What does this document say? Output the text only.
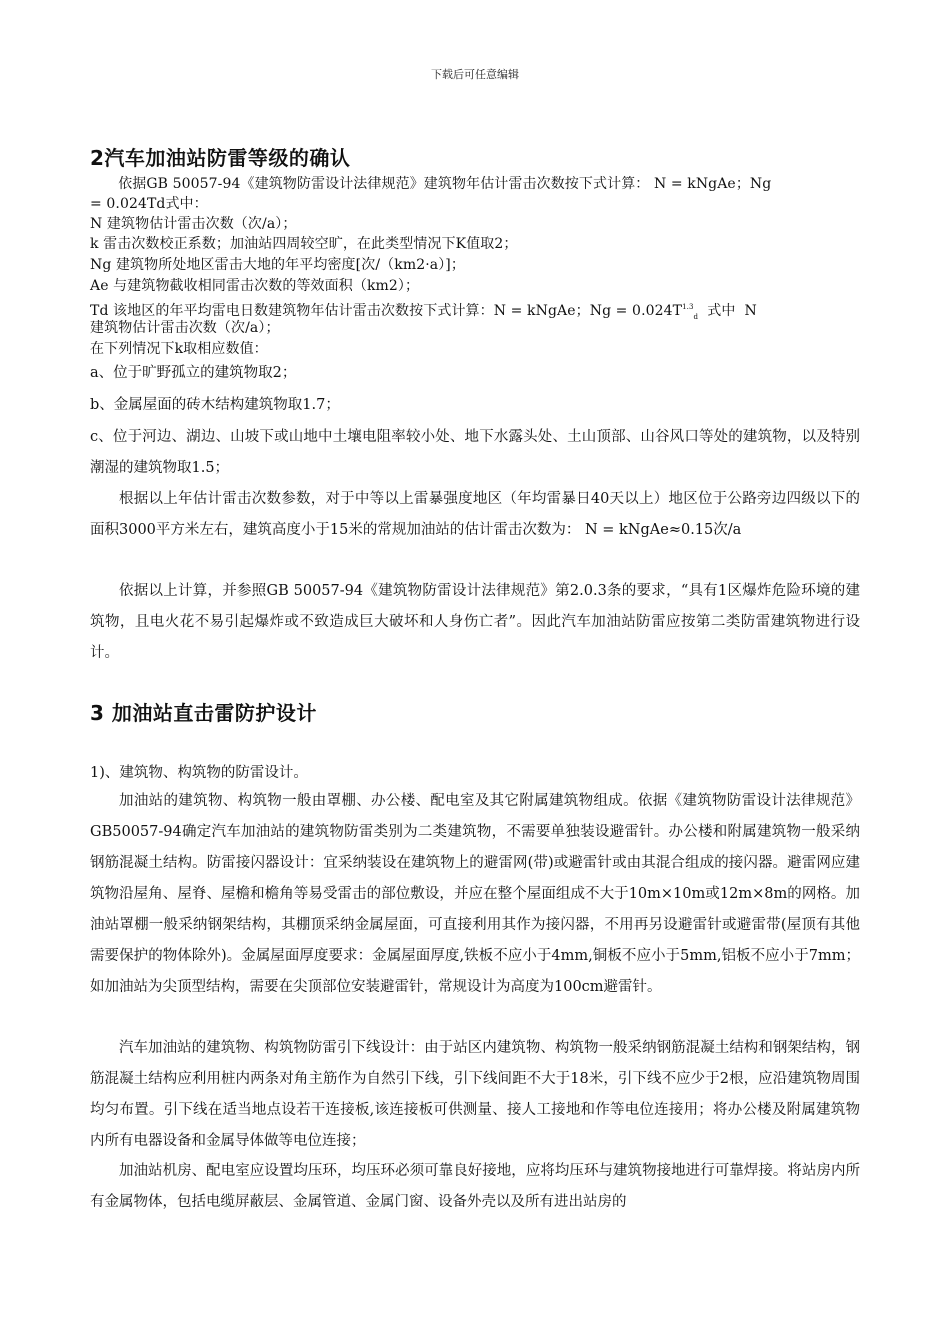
下载后可任意编辑
2汽车加油站防雷等级的确认
　　依据GB 50057-94《建筑物防雷设计法律规范》建筑物年估计雷击次数按下式计算： N = kNgAe；Ng
= 0.024Td式中：
N 建筑物估计雷击次数（次/a）；
k 雷击次数校正系数；加油站四周较空旷，在此类型情况下K值取2；
Ng 建筑物所处地区雷击大地的年平均密度[次/（km2·a）]；
Ae 与建筑物截收相同雷击次数的等效面积（km2）；
Td 该地区的年平均雷电日数建筑物年估计雷击次数按下式计算：N = kNgAe；$Ng = 0.024T^{1.3}_d$  式中  N
建筑物估计雷击次数（次/a）；
在下列情况下k取相应数值：
a、位于旷野孤立的建筑物取2；
b、金属屋面的砖木结构建筑物取1.7；
c、位于河边、湖边、山坡下或山地中土壤电阻率较小处、地下水露头处、土山顶部、山谷风口等处的建筑物，以及特别潮湿的建筑物取1.5；
根据以上年估计雷击次数参数，对于中等以上雷暴强度地区（年均雷暴日40天以上）地区位于公路旁边四级以下的面积3000平方米左右，建筑高度小于15米的常规加油站的估计雷击次数为： N = kNgAe≈0.15次/a
依据以上计算，并参照GB 50057-94《建筑物防雷设计法律规范》第2.0.3条的要求，“具有1区爆炸危险环境的建筑物，且电火花不易引起爆炸或不致造成巨大破坏和人身伤亡者”。因此汽车加油站防雷应按第二类防雷建筑物进行设计。
3 加油站直击雷防护设计
1)、建筑物、构筑物的防雷设计。
加油站的建筑物、构筑物一般由罩棚、办公楼、配电室及其它附属建筑物组成。依据《建筑物防雷设计法律规范》GB50057-94确定汽车加油站的建筑物防雷类别为二类建筑物，不需要单独装设避雷针。办公楼和附属建筑物一般采纳钢筋混凝土结构。防雷接闪器设计：宜采纳装设在建筑物上的避雷网(带)或避雷针或由其混合组成的接闪器。避雷网应建筑物沿屋角、屋脊、屋檐和檐角等易受雷击的部位敷设，并应在整个屋面组成不大于10m×10m或12m×8m的网格。加油站罩棚一般采纳钢架结构，其棚顶采纳金属屋面，可直接利用其作为接闪器，不用再另设避雷针或避雷带(屋顶有其他需要保护的物体除外)。金属屋面厚度要求：金属屋面厚度,铁板不应小于4mm,铜板不应小于5mm,铝板不应小于7mm；如加油站为尖顶型结构，需要在尖顶部位安装避雷针，常规设计为高度为100cm避雷针。
汽车加油站的建筑物、构筑物防雷引下线设计：由于站区内建筑物、构筑物一般采纳钢筋混凝土结构和钢架结构，钢筋混凝土结构应利用桩内两条对角主筋作为自然引下线，引下线间距不大于18米，引下线不应少于2根，应沿建筑物周围均匀布置。引下线在适当地点设若干连接板,该连接板可供测量、接人工接地和作等电位连接用；将办公楼及附属建筑物内所有电器设备和金属导体做等电位连接；
加油站机房、配电室应设置均压环，均压环必须可靠良好接地，应将均压环与建筑物接地进行可靠焊接。将站房内所有金属物体，包括电缆屏蔽层、金属管道、金属门窗、设备外壳以及所有进出站房的
